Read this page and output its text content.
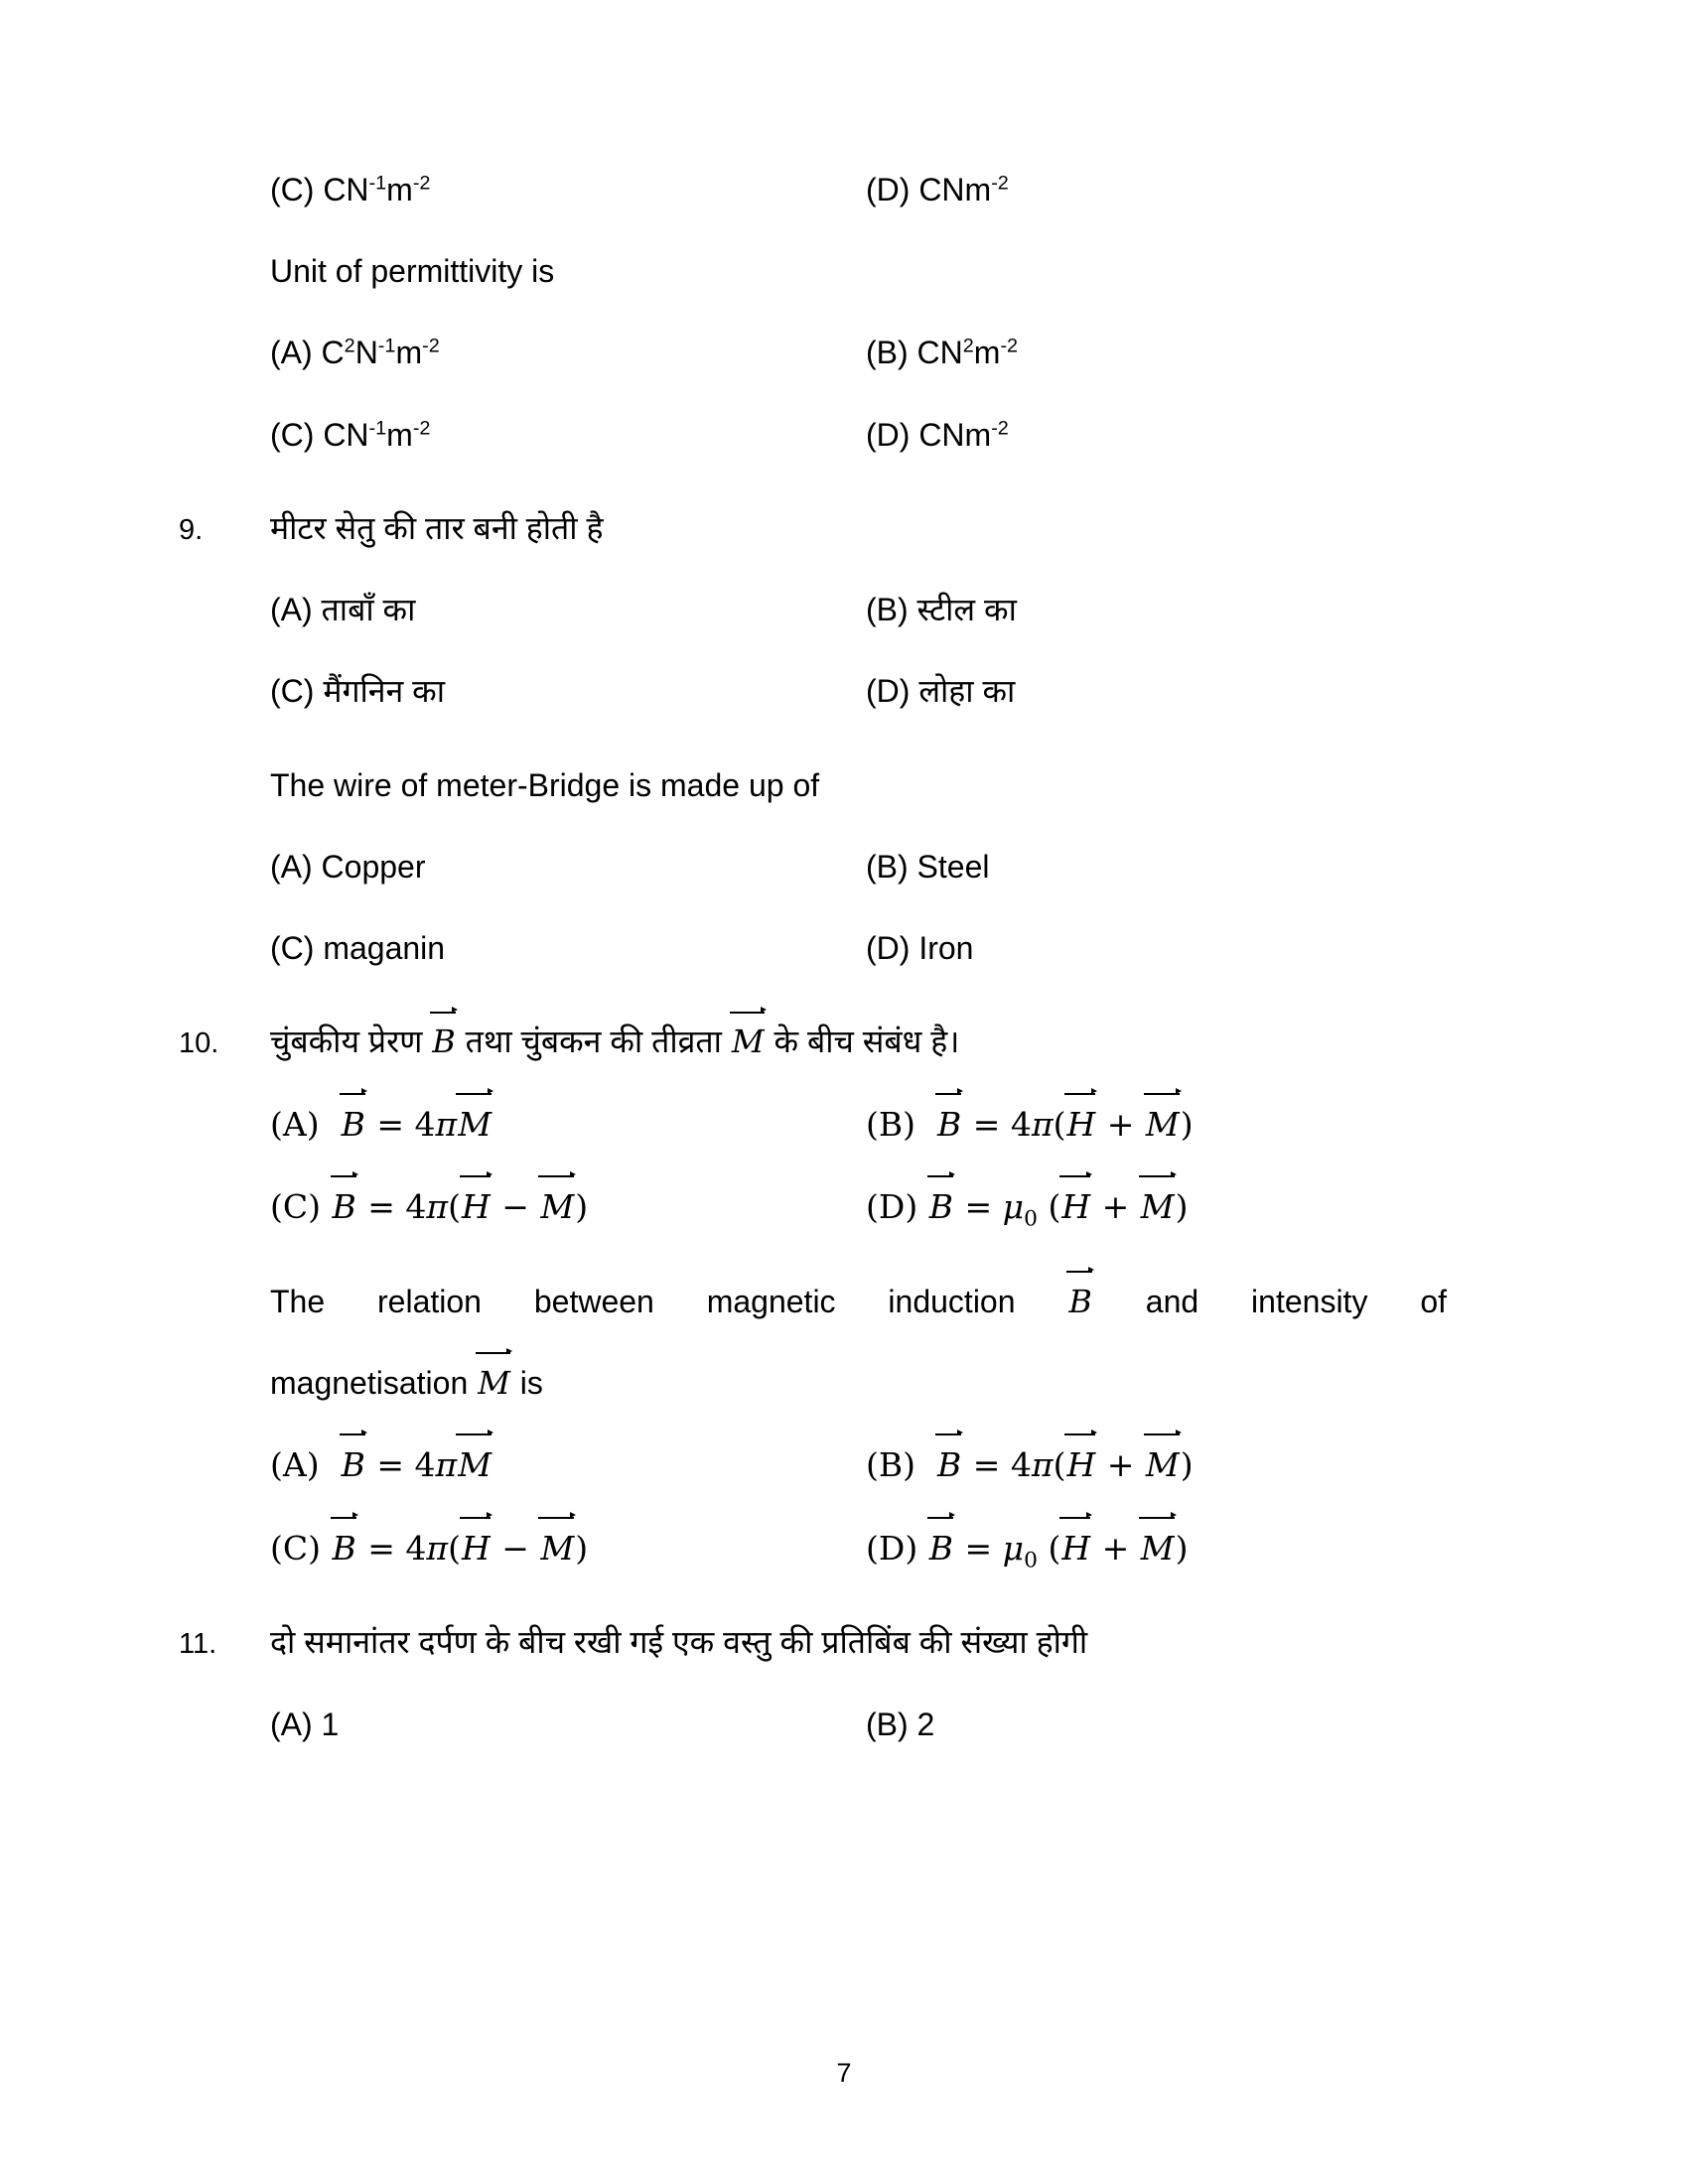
(C) $CN^{-1}m^{-2}$	(D) CNm$^{-2}$
Unit of permittivity is
(A) $C^2N^{-1}m^{-2}$	(B) $CN^2m^{-2}$
(C) $CN^{-1}m^{-2}$	(D) CNm$^{-2}$
9.	मीटर सेतु की तार बनी होती है
(A) ताबाँ का	(B) स्टील का
(C) मैंगनिन का	(D) लोहा का
The wire of meter-Bridge is made up of
(A) Copper	(B) Steel
(C) maganin	(D) Iron
10.	चुंबकीय प्रेरण B तथा चुंबकन की तीव्रता M के बीच संबंध है।
(A) B = 4πM	(B) B = 4π(H + M)
(C) B = 4π(H − M)	(D) $B = \mu_0$ (H + M)
The relation between magnetic induction B and intensity of
magnetisation M is
(A) B = 4πM	(B) B = 4π(H + M)
(C) B = 4π(H − M)	(D) $B = \mu_0$ (H + M)
11.	दो समानांतर दर्पण के बीच रखी गई एक वस्तु की प्रतिबिंब की संख्या होगी
(A) 1	(B) 2
7
